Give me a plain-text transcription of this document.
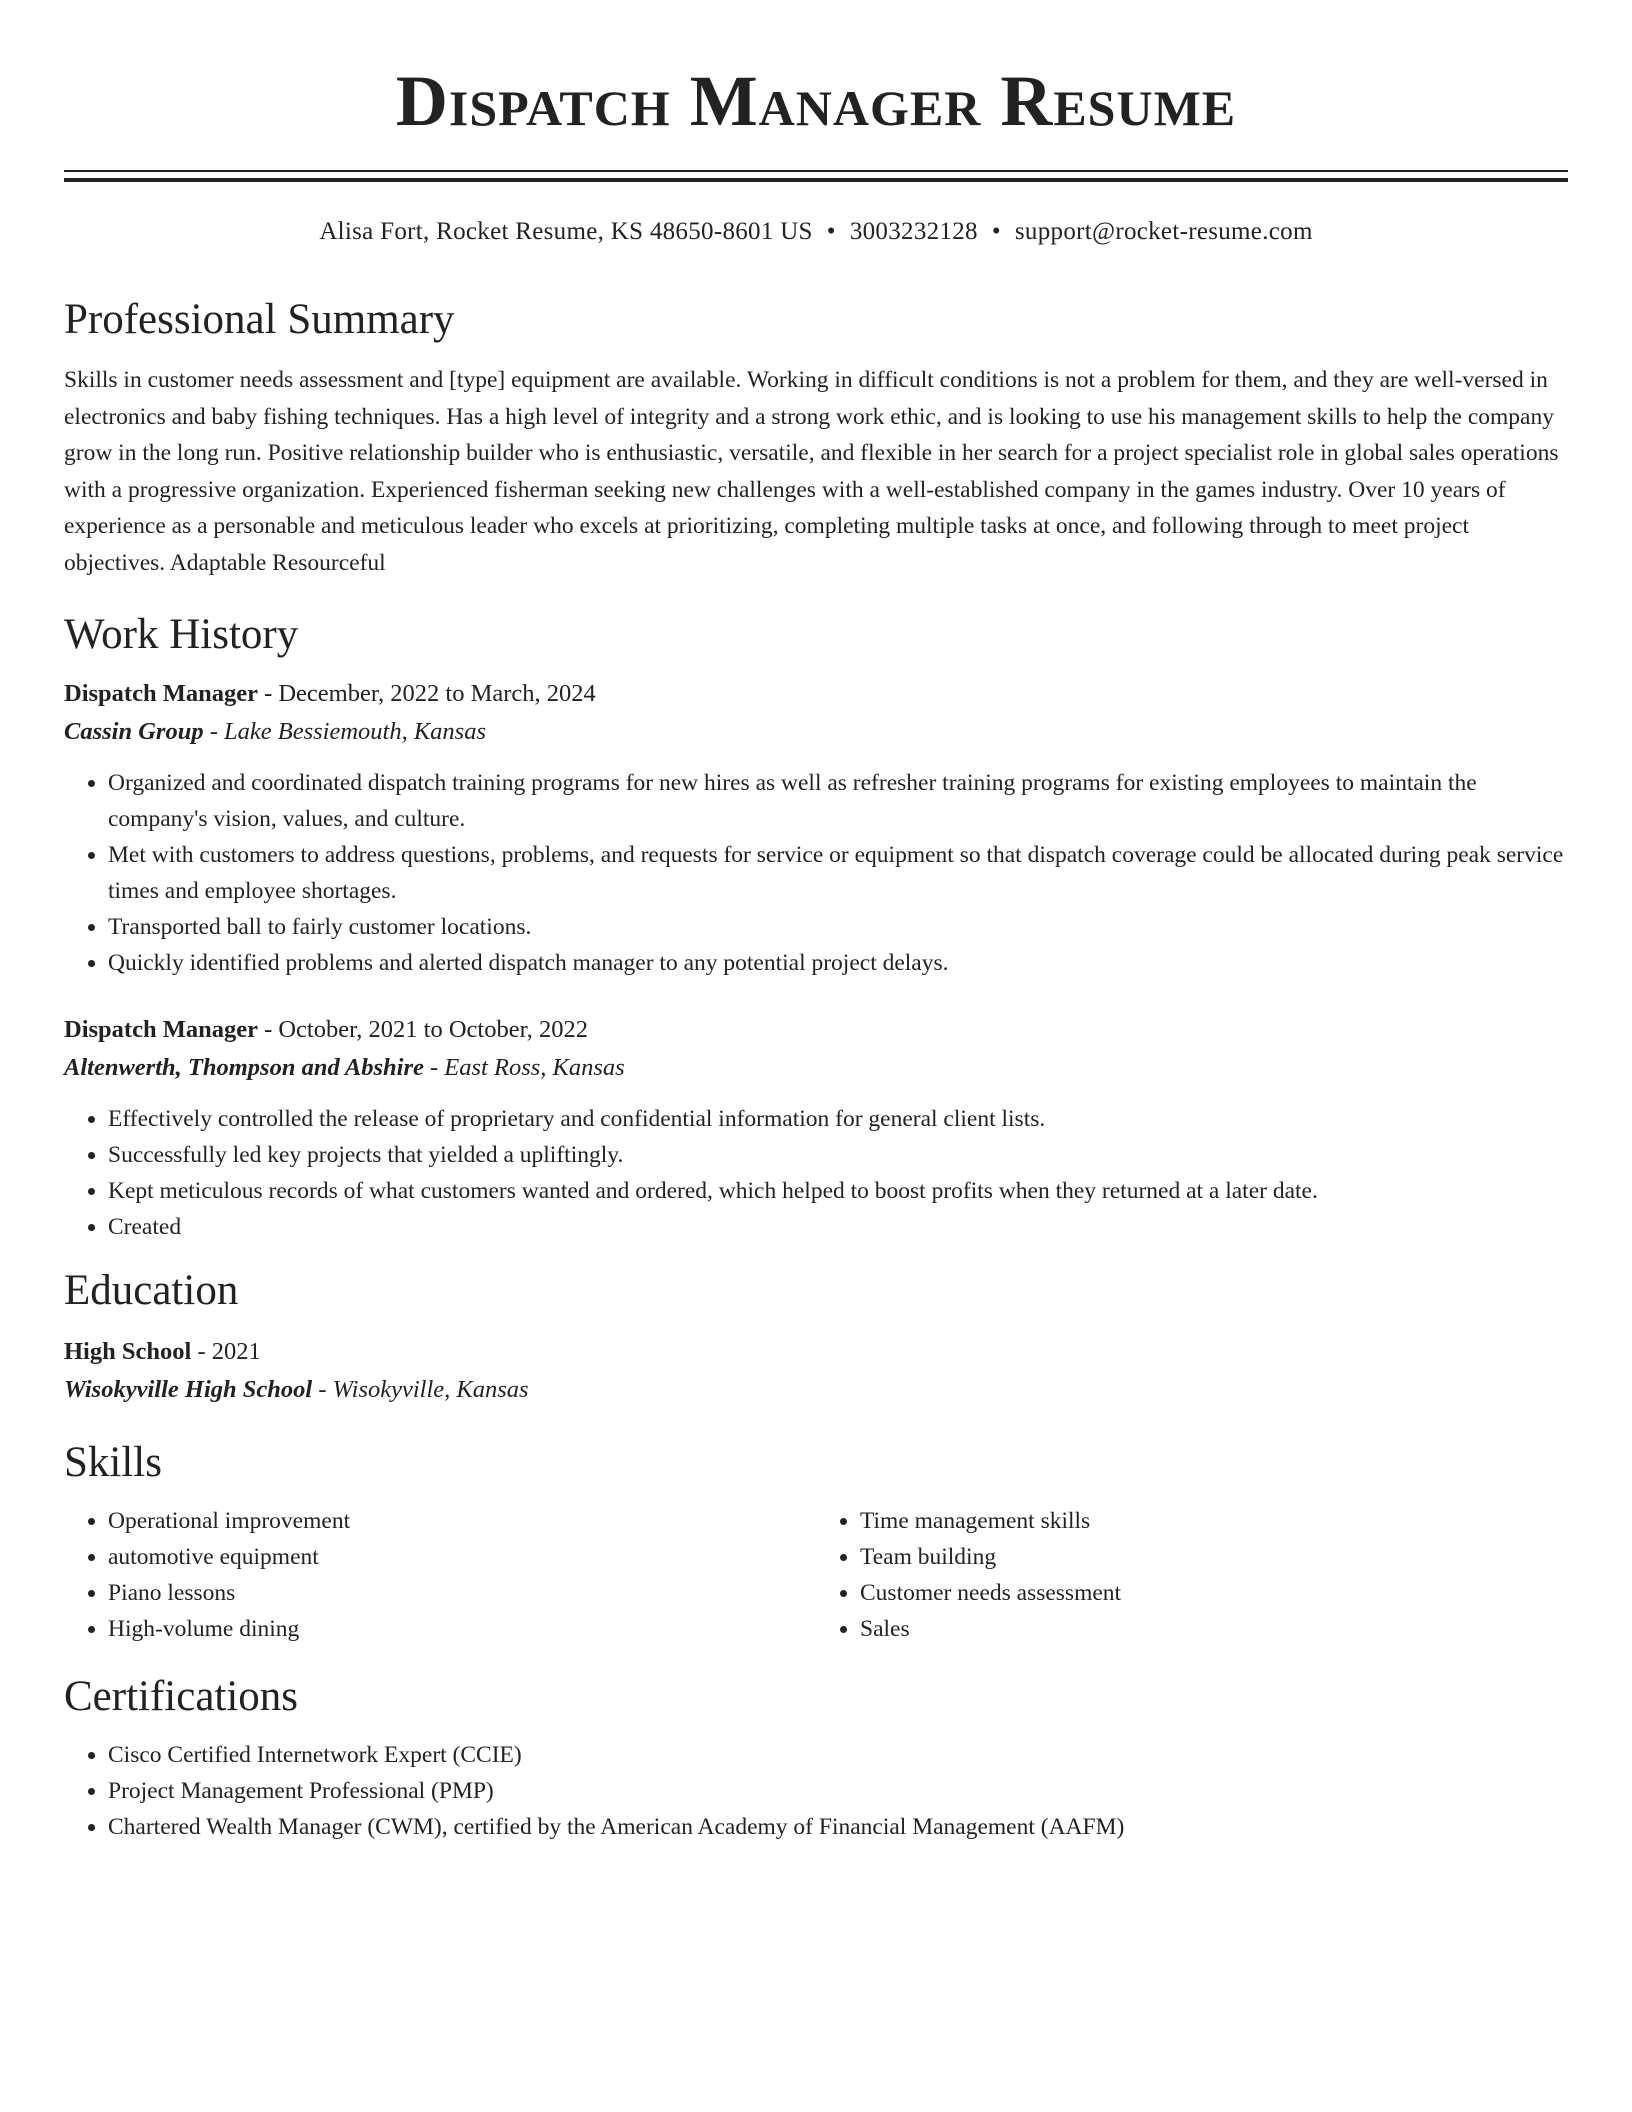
Dispatch Manager Resume
Alisa Fort, Rocket Resume, KS 48650-8601 US • 3003232128 • support@rocket-resume.com
Professional Summary
Skills in customer needs assessment and [type] equipment are available. Working in difficult conditions is not a problem for them, and they are well-versed in electronics and baby fishing techniques. Has a high level of integrity and a strong work ethic, and is looking to use his management skills to help the company grow in the long run. Positive relationship builder who is enthusiastic, versatile, and flexible in her search for a project specialist role in global sales operations with a progressive organization. Experienced fisherman seeking new challenges with a well-established company in the games industry. Over 10 years of experience as a personable and meticulous leader who excels at prioritizing, completing multiple tasks at once, and following through to meet project objectives. Adaptable Resourceful
Work History
Dispatch Manager - December, 2022 to March, 2024
Cassin Group - Lake Bessiemouth, Kansas
• Organized and coordinated dispatch training programs for new hires as well as refresher training programs for existing employees to maintain the company's vision, values, and culture.
• Met with customers to address questions, problems, and requests for service or equipment so that dispatch coverage could be allocated during peak service times and employee shortages.
• Transported ball to fairly customer locations.
• Quickly identified problems and alerted dispatch manager to any potential project delays.
Dispatch Manager - October, 2021 to October, 2022
Altenwerth, Thompson and Abshire - East Ross, Kansas
• Effectively controlled the release of proprietary and confidential information for general client lists.
• Successfully led key projects that yielded a upliftingly.
• Kept meticulous records of what customers wanted and ordered, which helped to boost profits when they returned at a later date.
• Created
Education
High School - 2021
Wisokyville High School - Wisokyville, Kansas
Skills
• Operational improvement
• automotive equipment
• Piano lessons
• High-volume dining
• Time management skills
• Team building
• Customer needs assessment
• Sales
Certifications
• Cisco Certified Internetwork Expert (CCIE)
• Project Management Professional (PMP)
• Chartered Wealth Manager (CWM), certified by the American Academy of Financial Management (AAFM)
